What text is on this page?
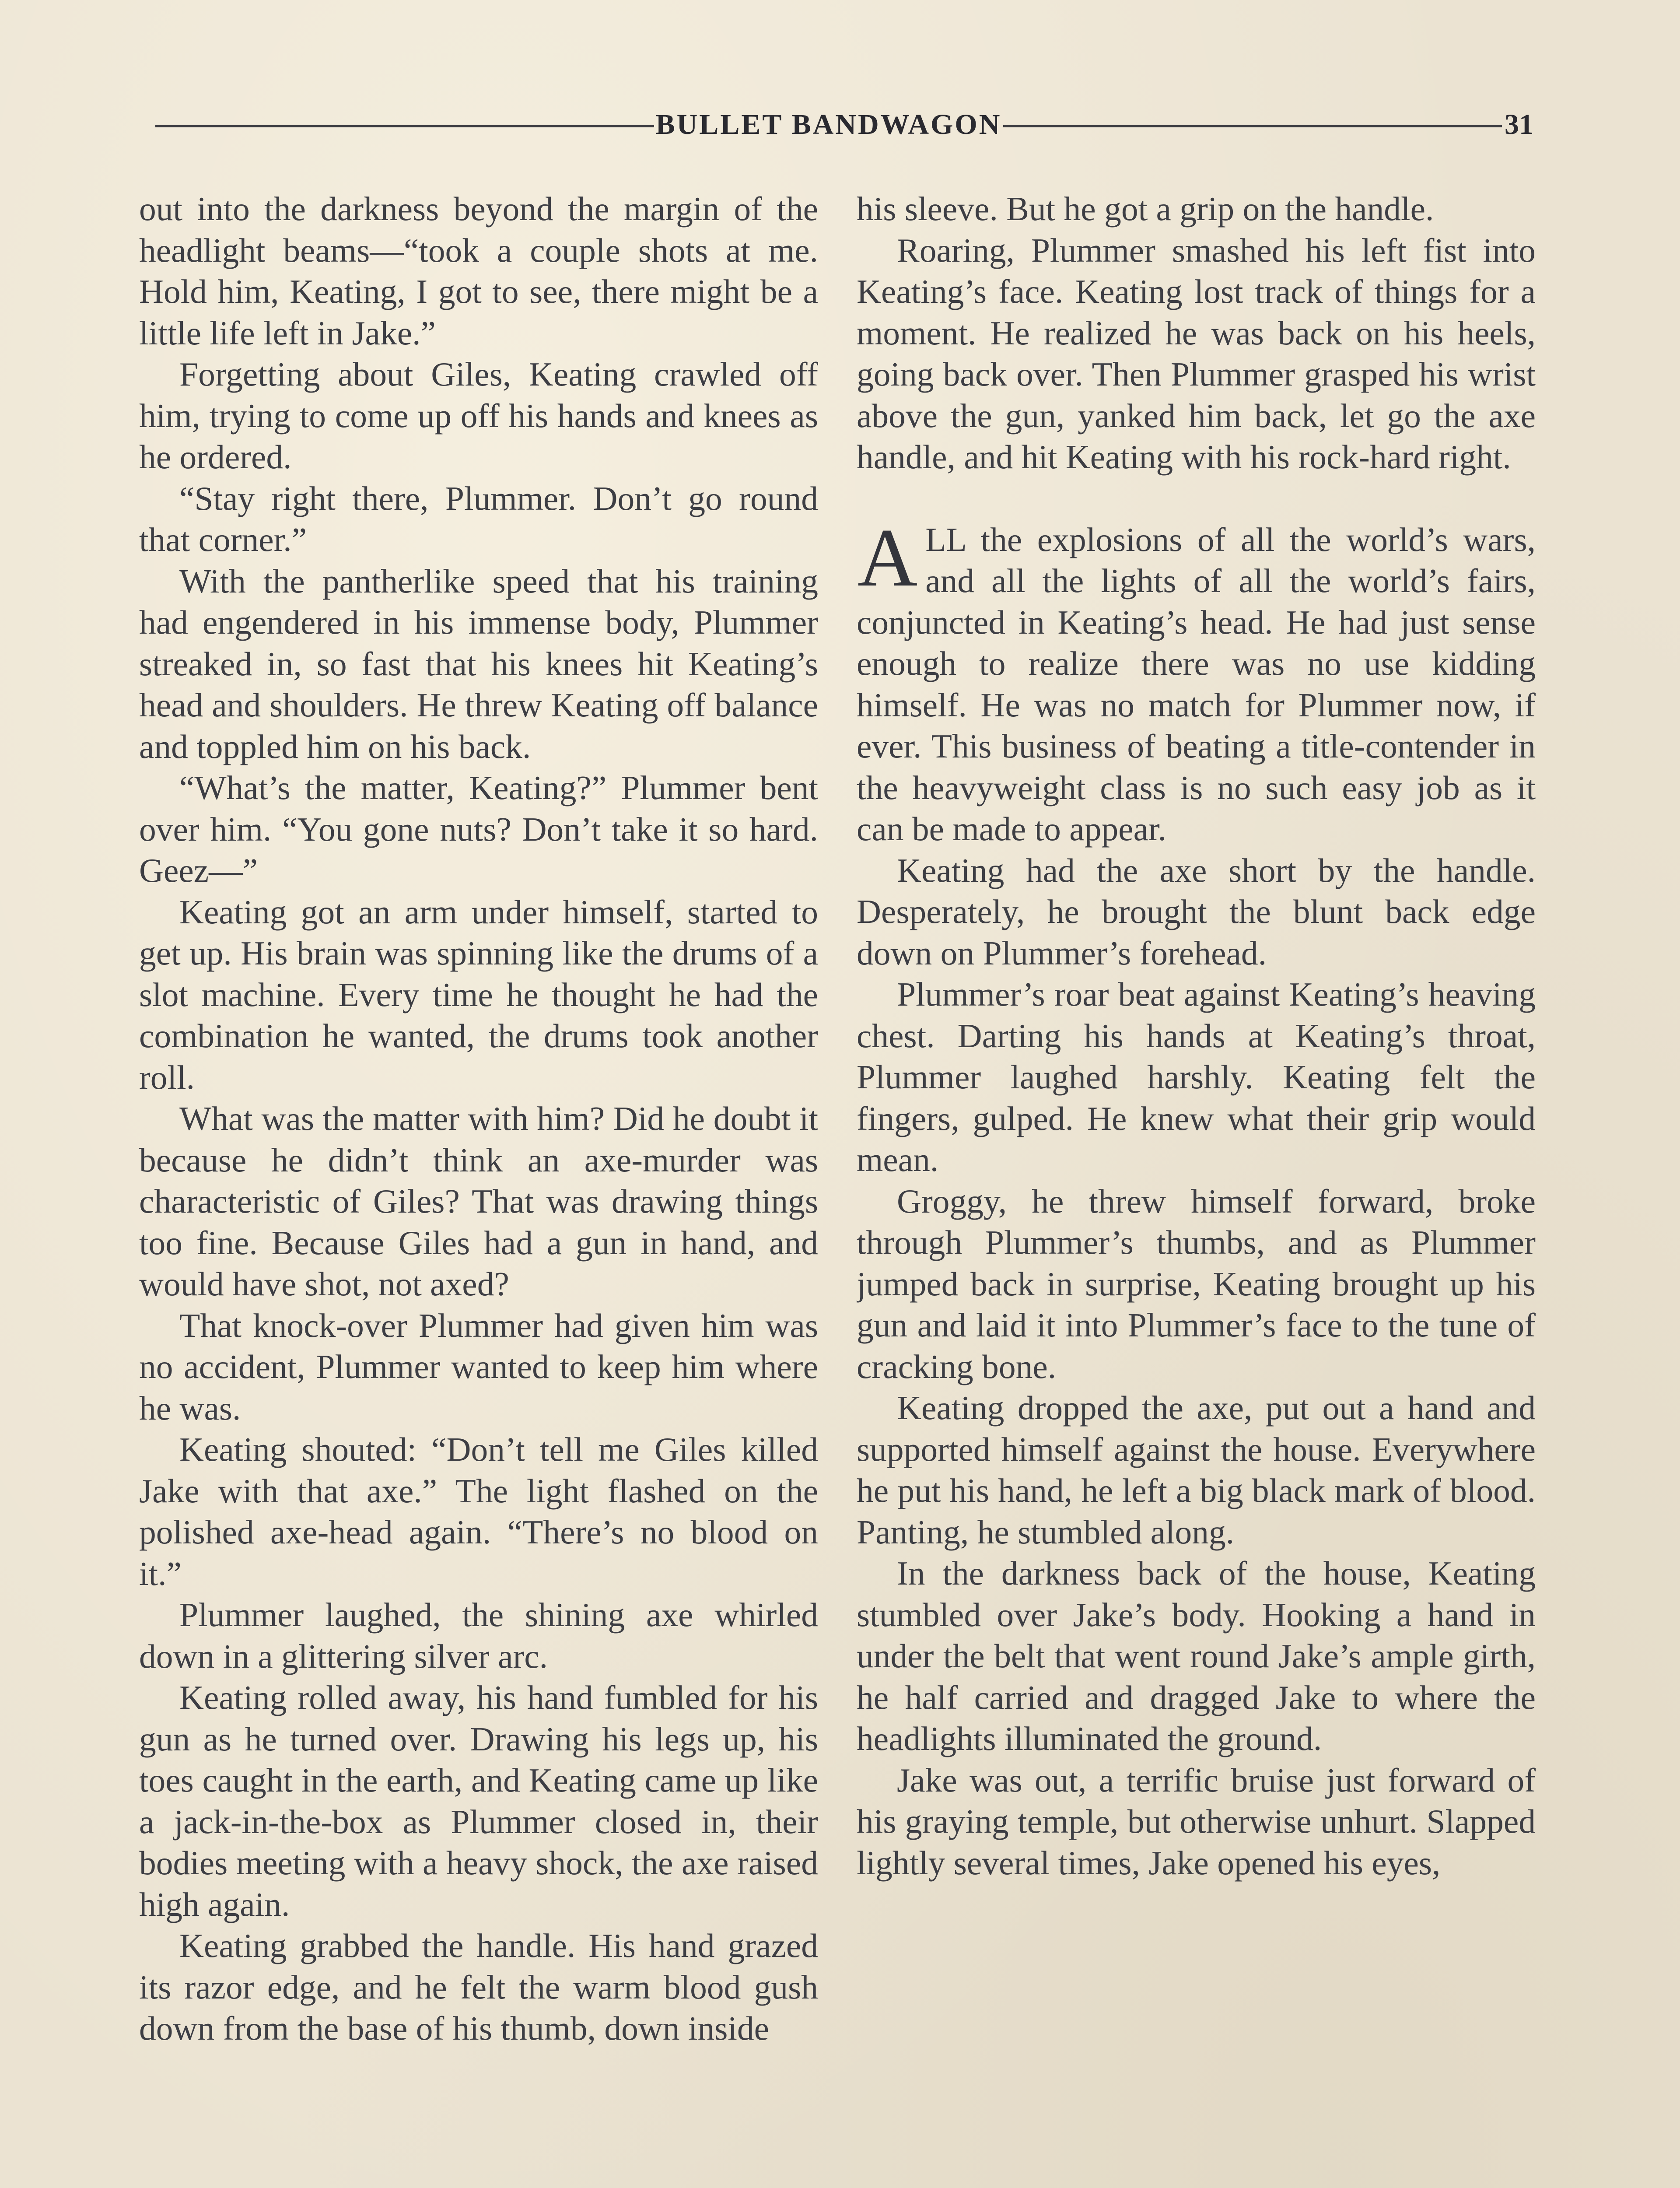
BULLET BANDWAGON	31

out into the darkness beyond the margin of the headlight beams—“took a couple shots at me. Hold him, Keating, I got to see, there might be a little life left in Jake.”

Forgetting about Giles, Keating crawled off him, trying to come up off his hands and knees as he ordered.

“Stay right there, Plummer. Don’t go round that corner.”

With the pantherlike speed that his training had engendered in his immense body, Plummer streaked in, so fast that his knees hit Keating’s head and shoulders. He threw Keating off balance and toppled him on his back.

“What’s the matter, Keating?” Plummer bent over him. “You gone nuts? Don’t take it so hard. Geez—”

Keating got an arm under himself, started to get up. His brain was spinning like the drums of a slot machine. Every time he thought he had the combination he wanted, the drums took another roll.

What was the matter with him? Did he doubt it because he didn’t think an axe-murder was characteristic of Giles? That was drawing things too fine. Because Giles had a gun in hand, and would have shot, not axed?

That knock-over Plummer had given him was no accident, Plummer wanted to keep him where he was.

Keating shouted: “Don’t tell me Giles killed Jake with that axe.” The light flashed on the polished axe-head again. “There’s no blood on it.”

Plummer laughed, the shining axe whirled down in a glittering silver arc.

Keating rolled away, his hand fumbled for his gun as he turned over. Drawing his legs up, his toes caught in the earth, and Keating came up like a jack-in-the-box as Plummer closed in, their bodies meeting with a heavy shock, the axe raised high again.

Keating grabbed the handle. His hand grazed its razor edge, and he felt the warm blood gush down from the base of his thumb, down inside

his sleeve. But he got a grip on the handle.

Roaring, Plummer smashed his left fist into Keating’s face. Keating lost track of things for a moment. He realized he was back on his heels, going back over. Then Plummer grasped his wrist above the gun, yanked him back, let go the axe handle, and hit Keating with his rock-hard right.

ALL the explosions of all the world’s wars, and all the lights of all the world’s fairs, conjuncted in Keating’s head. He had just sense enough to realize there was no use kidding himself. He was no match for Plummer now, if ever. This business of beating a title-contender in the heavyweight class is no such easy job as it can be made to appear.

Keating had the axe short by the handle. Desperately, he brought the blunt back edge down on Plummer’s forehead.

Plummer’s roar beat against Keating’s heaving chest. Darting his hands at Keating’s throat, Plummer laughed harshly. Keating felt the fingers, gulped. He knew what their grip would mean.

Groggy, he threw himself forward, broke through Plummer’s thumbs, and as Plummer jumped back in surprise, Keating brought up his gun and laid it into Plummer’s face to the tune of cracking bone.

Keating dropped the axe, put out a hand and supported himself against the house. Everywhere he put his hand, he left a big black mark of blood. Panting, he stumbled along.

In the darkness back of the house, Keating stumbled over Jake’s body. Hooking a hand in under the belt that went round Jake’s ample girth, he half carried and dragged Jake to where the headlights illuminated the ground.

Jake was out, a terrific bruise just forward of his graying temple, but otherwise unhurt. Slapped lightly several times, Jake opened his eyes,
